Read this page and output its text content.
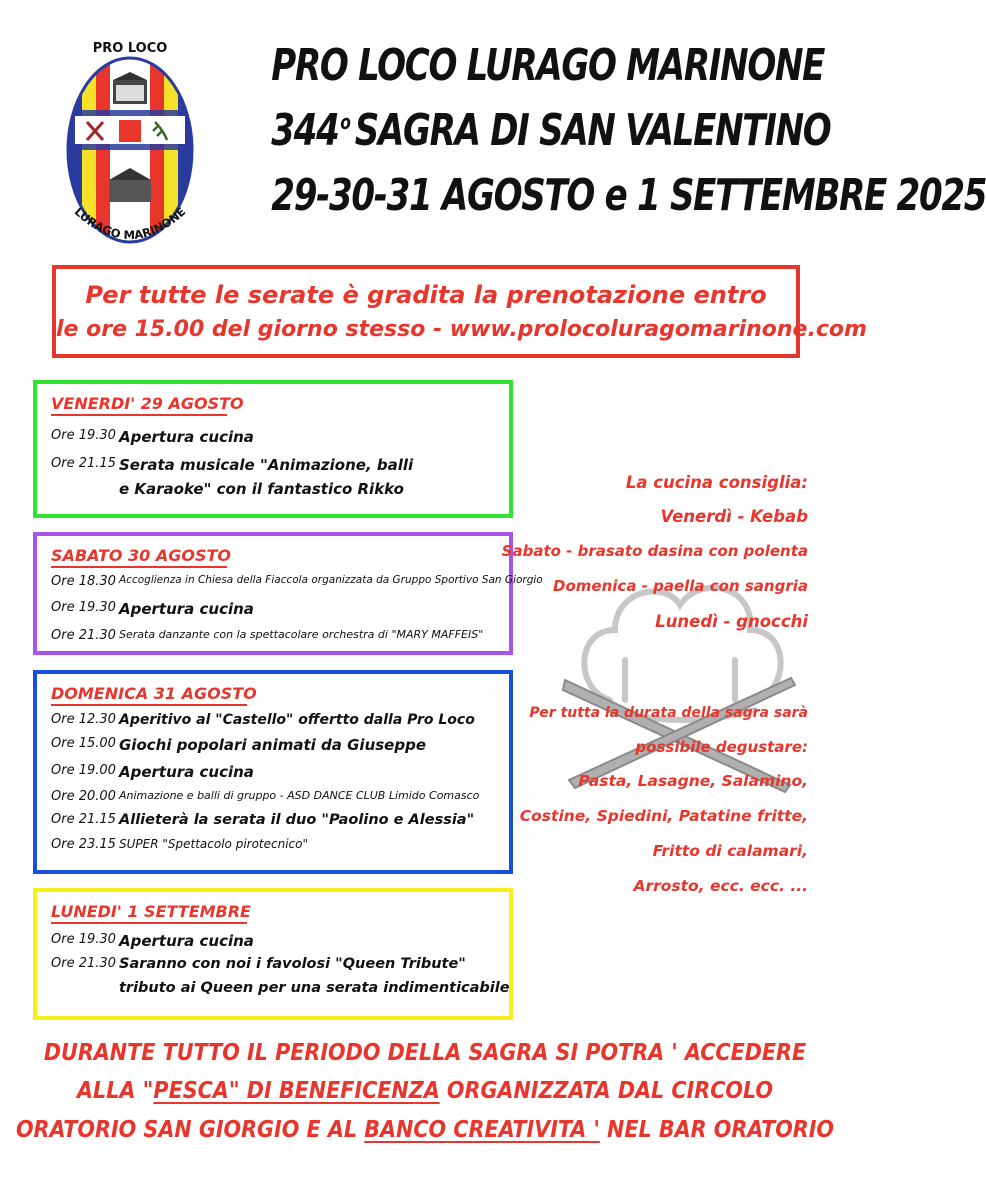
PRO LOCO
LURAGO MARINONE
PRO LOCO LURAGO MARINONE
344$^o$ SAGRA DI SAN VALENTINO
29-30-31 AGOSTO e 1 SETTEMBRE 2025
Per tutte le serate è gradita la prenotazione entro
le ore 15.00 del giorno stesso - www.prolocoluragomarinone.com
VENERDI' 29 AGOSTO
Ore 19.30 Apertura cucina
Ore 21.15 Serata musicale "Animazione, balli
e Karaoke" con il fantastico Rikko
SABATO 30 AGOSTO
Ore 18.30 Accoglienza in Chiesa della Fiaccola organizzata da Gruppo Sportivo San Giorgio
Ore 19.30 Apertura cucina
Ore 21.30 Serata danzante con la spettacolare orchestra di "MARY MAFFEIS"
DOMENICA 31 AGOSTO
Ore 12.30 Aperitivo al "Castello" offertto dalla Pro Loco
Ore 15.00 Giochi popolari animati da Giuseppe
Ore 19.00 Apertura cucina
Ore 20.00 Animazione e balli di gruppo - ASD DANCE CLUB Limido Comasco
Ore 21.15 Allieterà la serata il duo "Paolino e Alessia"
Ore 23.15 SUPER "Spettacolo pirotecnico"
LUNEDI' 1 SETTEMBRE
Ore 19.30 Apertura cucina
Ore 21.30 Saranno con noi i favolosi "Queen Tribute"
tributo ai Queen per una serata indimenticabile
La cucina consiglia:
Venerdì - Kebab
Sabato - brasato dasina con polenta
Domenica - paella con sangria
Lunedì - gnocchi
Per tutta la durata della sagra sarà
possibile degustare:
Pasta, Lasagne, Salamino,
Costine, Spiedini, Patatine fritte,
Fritto di calamari,
Arrosto, ecc. ecc. ...
DURANTE TUTTO IL PERIODO DELLA SAGRA SI POTRA ' ACCEDERE
ALLA "PESCA" DI BENEFICENZA ORGANIZZATA DAL CIRCOLO
ORATORIO SAN GIORGIO E AL BANCO CREATIVITA ' NEL BAR ORATORIO
